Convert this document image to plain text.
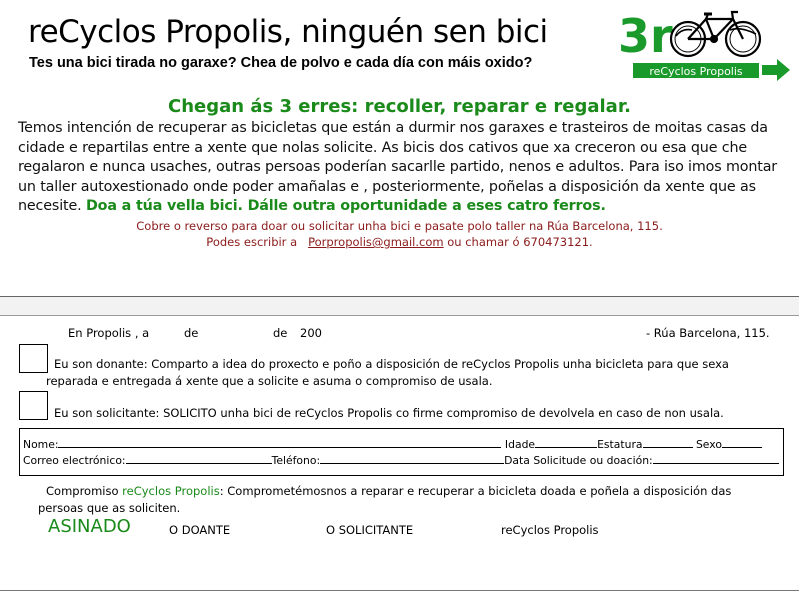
reCyclos Propolis, ninguén sen bici
Tes una bici tirada no garaxe? Chea de polvo e cada día con máis oxido? 3r
reCyclos Propolis
Chegan ás 3 erres: recoller, reparar e regalar.
Temos intención de recuperar as bicicletas que están a durmir nos garaxes e trasteiros de moitas casas da cidade e repartilas entre a xente que nolas solicite. As bicis dos cativos que xa creceron ou esa que che regalaron e nunca usaches, outras persoas poderían sacarlle partido, nenos e adultos. Para iso imos montar un taller autoxestionado onde poder amañalas e , posteriormente, poñelas a disposición da xente que as necesite. Doa a túa vella bici. Dálle outra oportunidade a eses catro ferros.
Cobre o reverso para doar ou solicitar unha bici e pasate polo taller na Rúa Barcelona, 115.
Podes escribir a Porpropolis@gmail.com ou chamar ó 670473121.
En Propolis , a	de	de 200	- Rúa Barcelona, 115.
Eu son donante: Comparto a idea do proxecto e poño a disposición de reCyclos Propolis unha bicicleta para que sexa
reparada e entregada á xente que a solicite e asuma o compromiso de usala.
Eu son solicitante: SOLICITO unha bici de reCyclos Propolis co firme compromiso de devolvela en caso de non usala.
Nome:	Idade	Estatura	Sexo
Correo electrónico:	Teléfono:	Data Solicitude ou doación:
Compromiso reCyclos Propolis: Comprometémosnos a reparar e recuperar a bicicleta doada e poñela a disposición das
persoas que as soliciten.
ASINADO	O DOANTE	O SOLICITANTE	reCyclos Propolis
